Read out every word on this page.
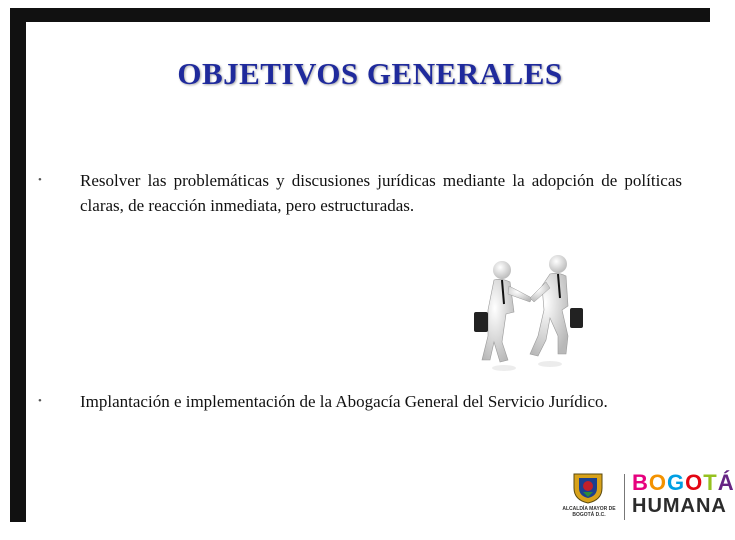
OBJETIVOS GENERALES
• Resolver las problemáticas y discusiones jurídicas mediante la adopción de políticas claras, de reacción inmediata, pero estructuradas.
• Implantación e implementación de la Abogacía General del Servicio Jurídico.
ALCALDÍA MAYOR DE BOGOTÁ D.C.
BOGOTÁ
HUMANA
